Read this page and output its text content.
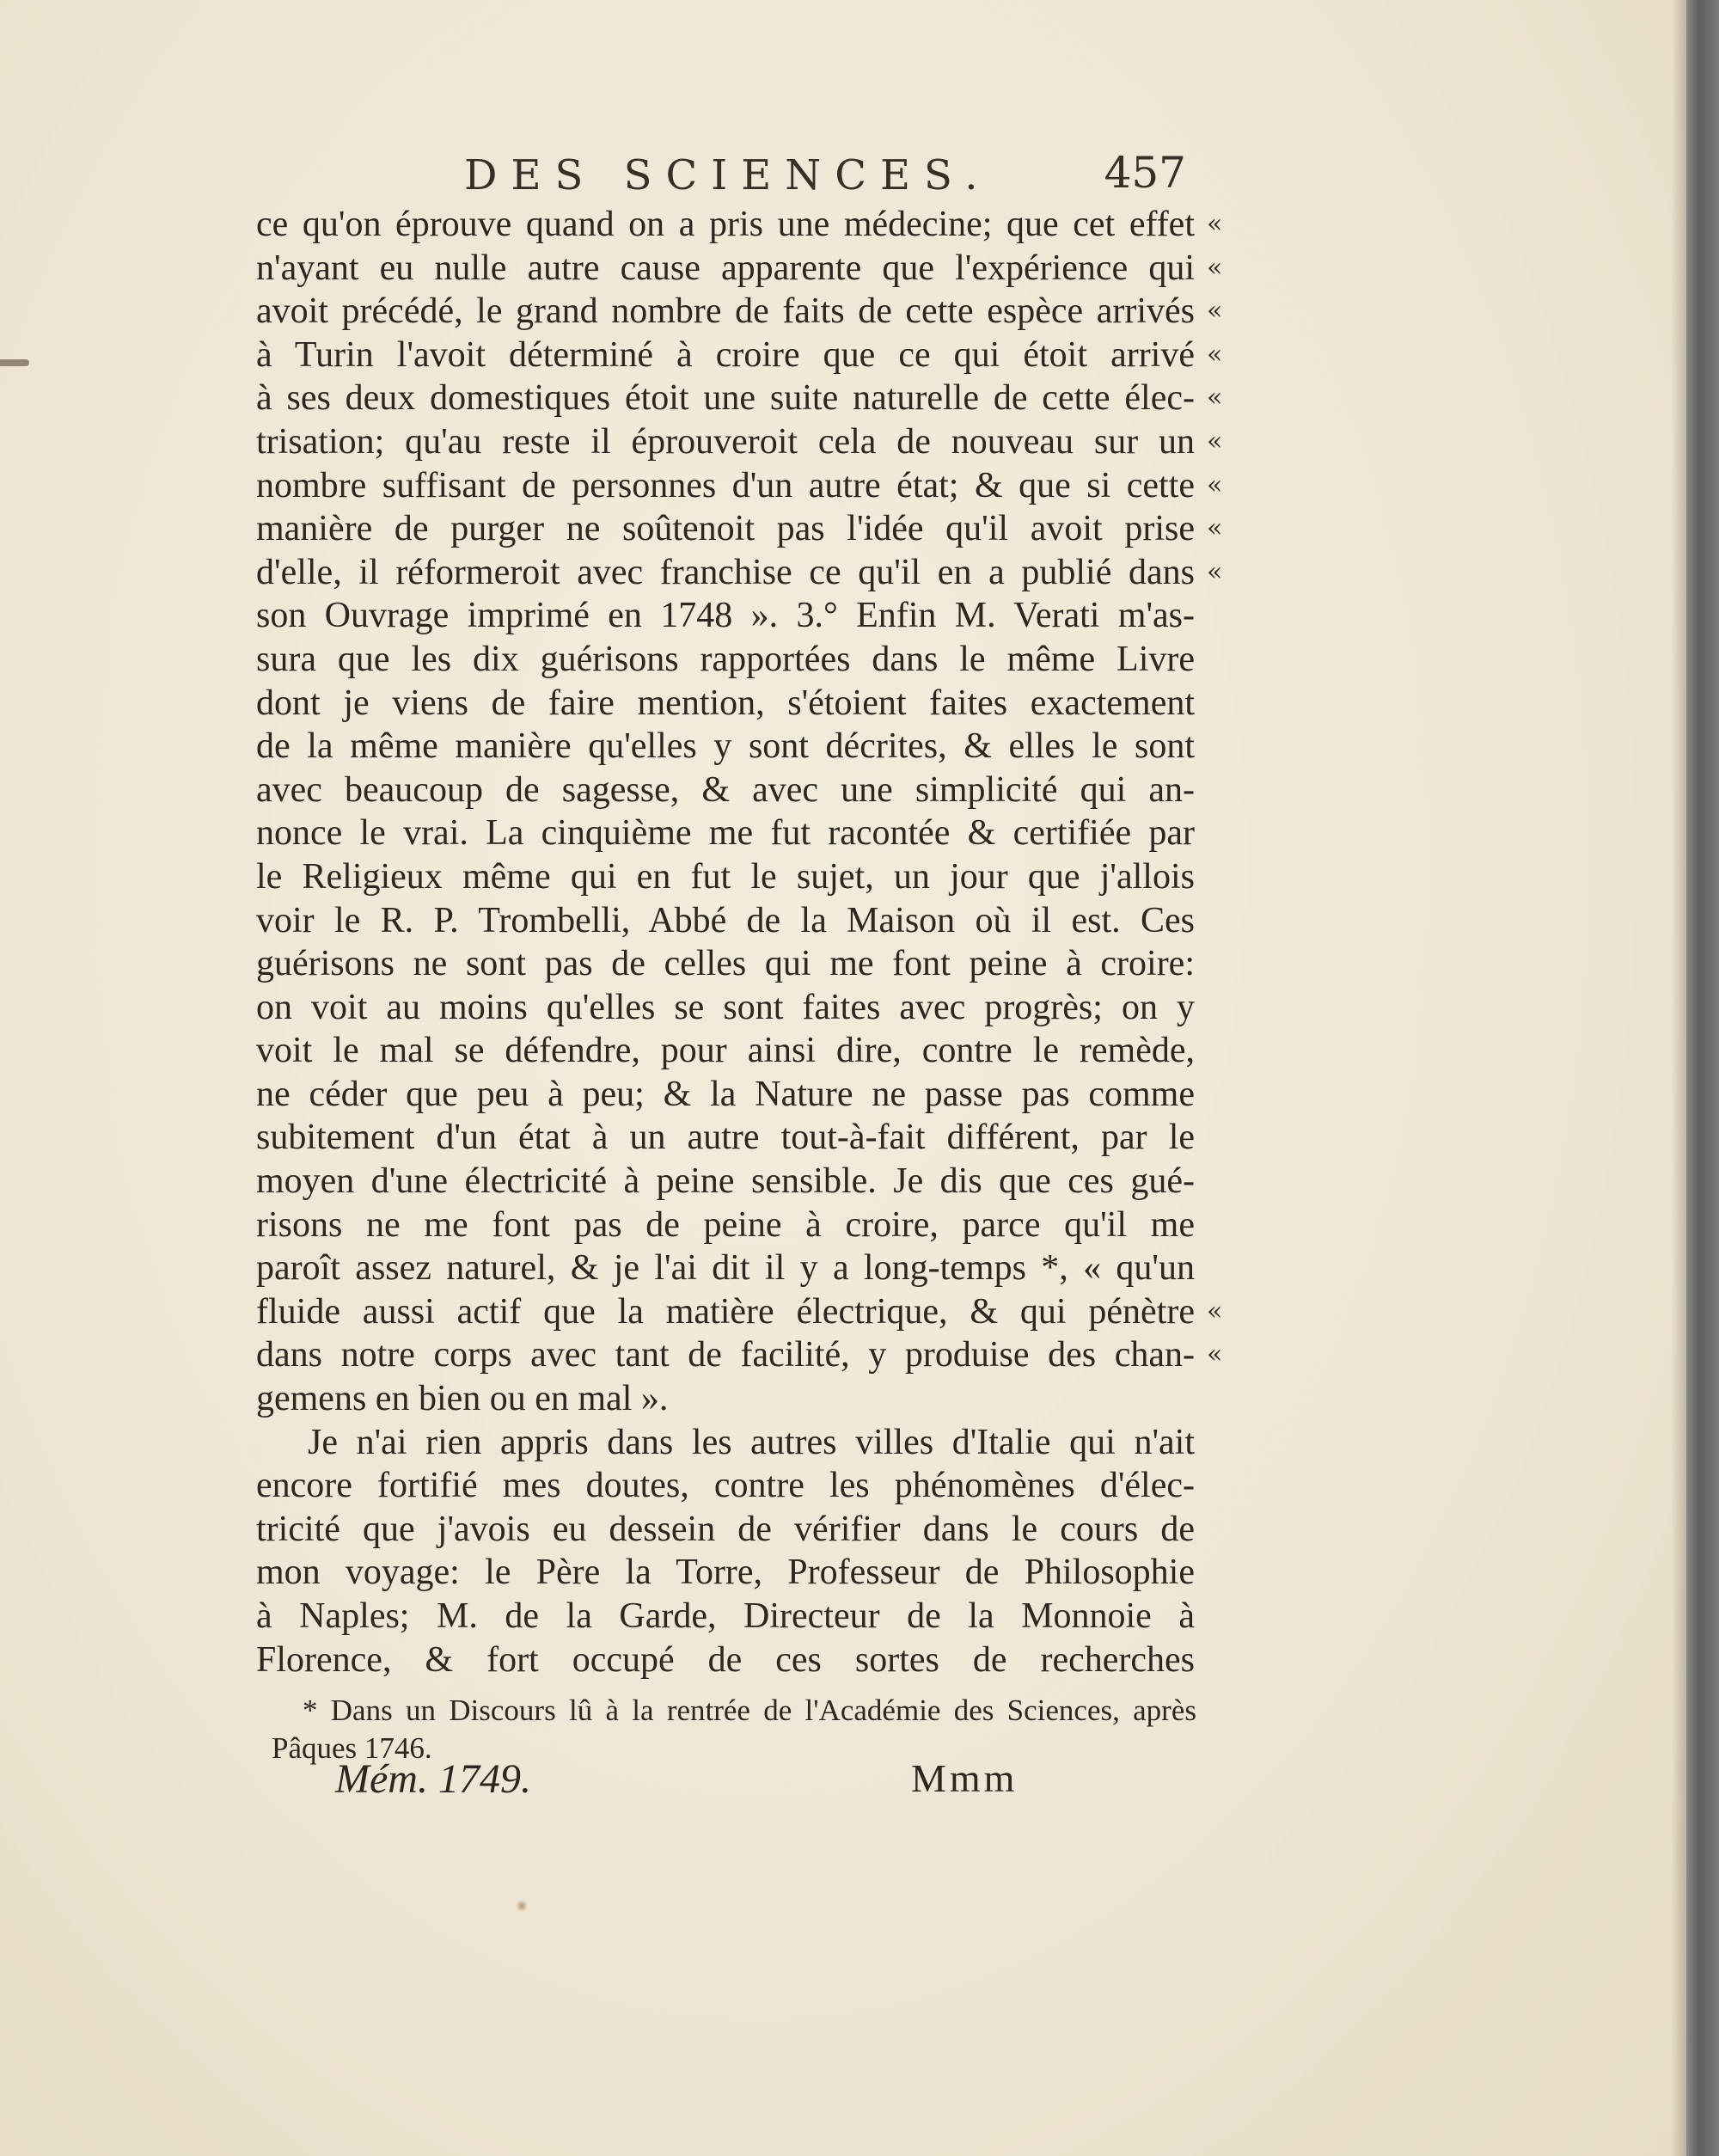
DES SCIENCES.	457
ce qu'on éprouve quand on a pris une médecine; que cet effet «
n'ayant eu nulle autre cause apparente que l'expérience qui «
avoit précédé, le grand nombre de faits de cette espèce arrivés «
à Turin l'avoit déterminé à croire que ce qui étoit arrivé «
à ses deux domestiques étoit une suite naturelle de cette élec- «
trisation; qu'au reste il éprouveroit cela de nouveau sur un «
nombre suffisant de personnes d'un autre état; & que si cette «
manière de purger ne soûtenoit pas l'idée qu'il avoit prise «
d'elle, il réformeroit avec franchise ce qu'il en a publié dans «
son Ouvrage imprimé en 1748 ». 3.° Enfin M. Verati m'as-
sura que les dix guérisons rapportées dans le même Livre
dont je viens de faire mention, s'étoient faites exactement
de la même manière qu'elles y sont décrites, & elles le sont
avec beaucoup de sagesse, & avec une simplicité qui an-
nonce le vrai. La cinquième me fut racontée & certifiée par
le Religieux même qui en fut le sujet, un jour que j'allois
voir le R. P. Trombelli, Abbé de la Maison où il est. Ces
guérisons ne sont pas de celles qui me font peine à croire:
on voit au moins qu'elles se sont faites avec progrès; on y
voit le mal se défendre, pour ainsi dire, contre le remède,
ne céder que peu à peu; & la Nature ne passe pas comme
subitement d'un état à un autre tout-à-fait différent, par le
moyen d'une électricité à peine sensible. Je dis que ces gué-
risons ne me font pas de peine à croire, parce qu'il me
paroît assez naturel, & je l'ai dit il y a long-temps *, « qu'un
fluide aussi actif que la matière électrique, & qui pénètre «
dans notre corps avec tant de facilité, y produise des chan- «
gemens en bien ou en mal ».
Je n'ai rien appris dans les autres villes d'Italie qui n'ait
encore fortifié mes doutes, contre les phénomènes d'élec-
tricité que j'avois eu dessein de vérifier dans le cours de
mon voyage: le Père la Torre, Professeur de Philosophie
à Naples; M. de la Garde, Directeur de la Monnoie à
Florence, & fort occupé de ces sortes de recherches
* Dans un Discours lû à la rentrée de l'Académie des Sciences, après
Pâques 1746.
Mém. 1749.	Mmm
